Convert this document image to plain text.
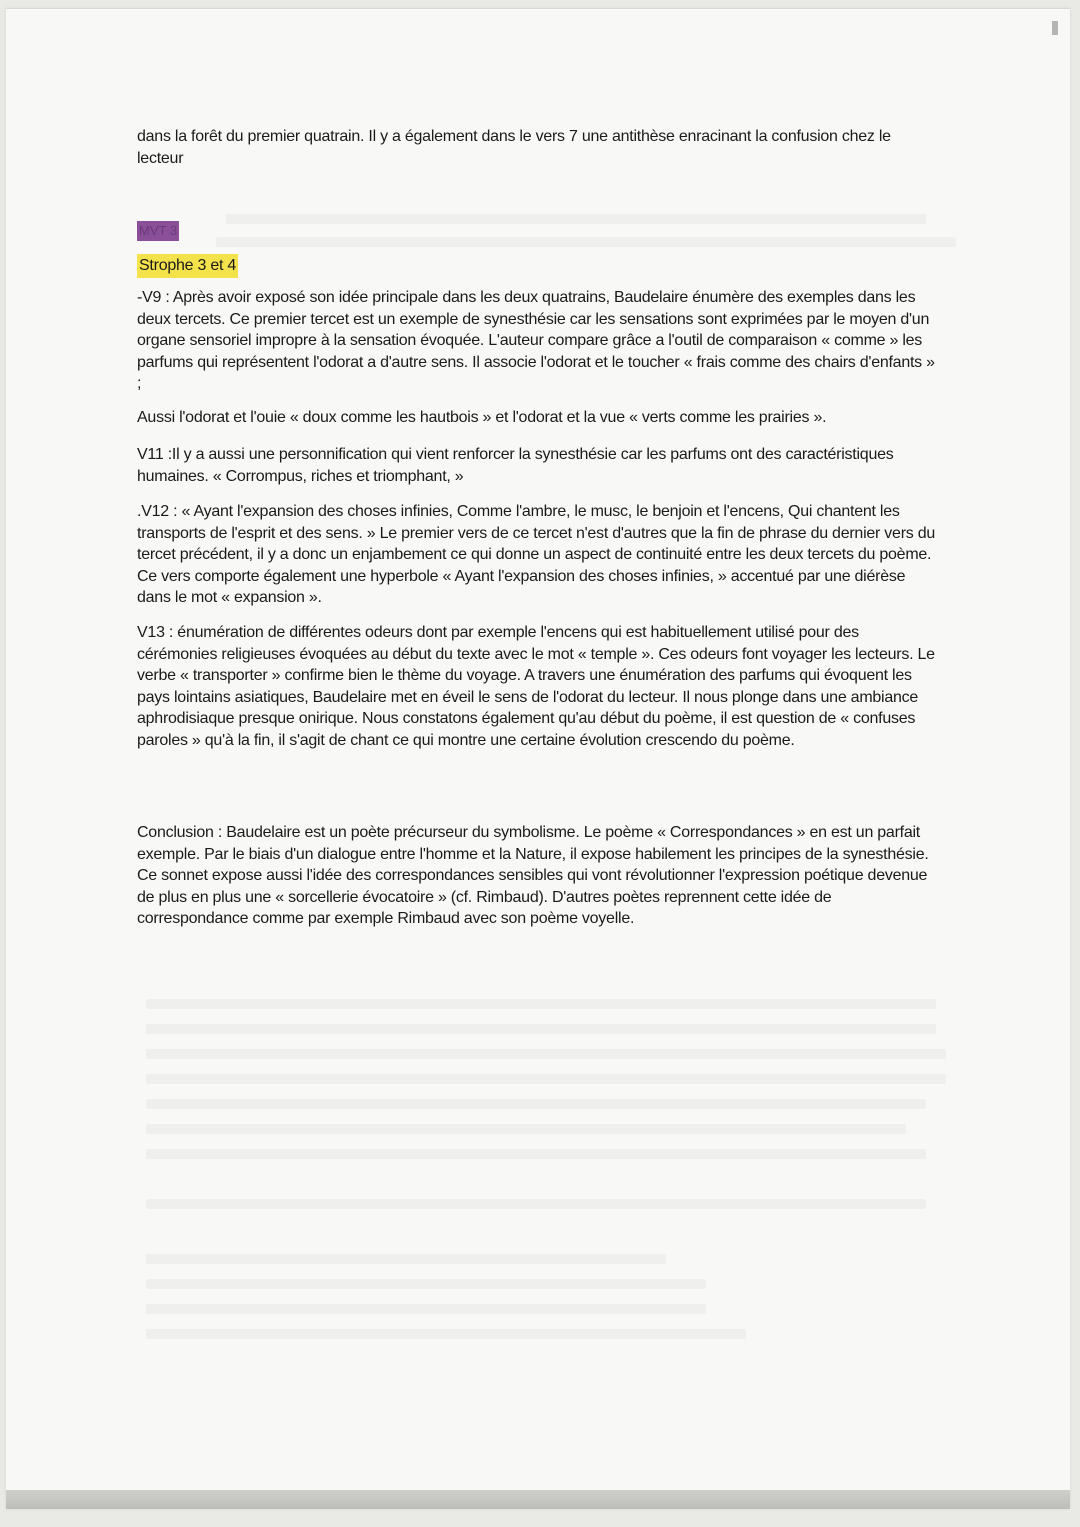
dans la forêt du premier quatrain. Il y a également dans le vers 7 une antithèse enracinant la confusion chez le lecteur

MVT 3
Strophe 3 et 4

-V9 : Après avoir exposé son idée principale dans les deux quatrains, Baudelaire énumère des exemples dans les deux tercets. Ce premier tercet est un exemple de synesthésie car les sensations sont exprimées par le moyen d'un organe sensoriel impropre à la sensation évoquée. L'auteur compare grâce a l'outil de comparaison « comme » les parfums qui représentent l'odorat a d'autre sens. Il associe l'odorat et le toucher « frais comme des chairs d'enfants » ;

Aussi l'odorat et l'ouie « doux comme les hautbois » et l'odorat et la vue « verts comme les prairies ».

V11 :Il y a aussi une personnification qui vient renforcer la synesthésie car les parfums ont des caractéristiques humaines. « Corrompus, riches et triomphant, »

.V12 : « Ayant l'expansion des choses infinies, Comme l'ambre, le musc, le benjoin et l'encens, Qui chantent les transports de l'esprit et des sens. » Le premier vers de ce tercet n'est d'autres que la fin de phrase du dernier vers du tercet précédent, il y a donc un enjambement ce qui donne un aspect de continuité entre les deux tercets du poème. Ce vers comporte également une hyperbole « Ayant l'expansion des choses infinies, » accentué par une diérèse dans le mot « expansion ».

V13 : énumération de différentes odeurs dont par exemple l'encens qui est habituellement utilisé pour des cérémonies religieuses évoquées au début du texte avec le mot « temple ». Ces odeurs font voyager les lecteurs. Le verbe « transporter » confirme bien le thème du voyage. A travers une énumération des parfums qui évoquent les pays lointains asiatiques, Baudelaire met en éveil le sens de l'odorat du lecteur. Il nous plonge dans une ambiance aphrodisiaque presque onirique. Nous constatons également qu'au début du poème, il est question de « confuses paroles » qu'à la fin, il s'agit de chant ce qui montre une certaine évolution crescendo du poème.

Conclusion : Baudelaire est un poète précurseur du symbolisme. Le poème « Correspondances » en est un parfait exemple. Par le biais d'un dialogue entre l'homme et la Nature, il expose habilement les principes de la synesthésie. Ce sonnet expose aussi l'idée des correspondances sensibles qui vont révolutionner l'expression poétique devenue de plus en plus une « sorcellerie évocatoire » (cf. Rimbaud). D'autres poètes reprennent cette idée de correspondance comme par exemple Rimbaud avec son poème voyelle.
